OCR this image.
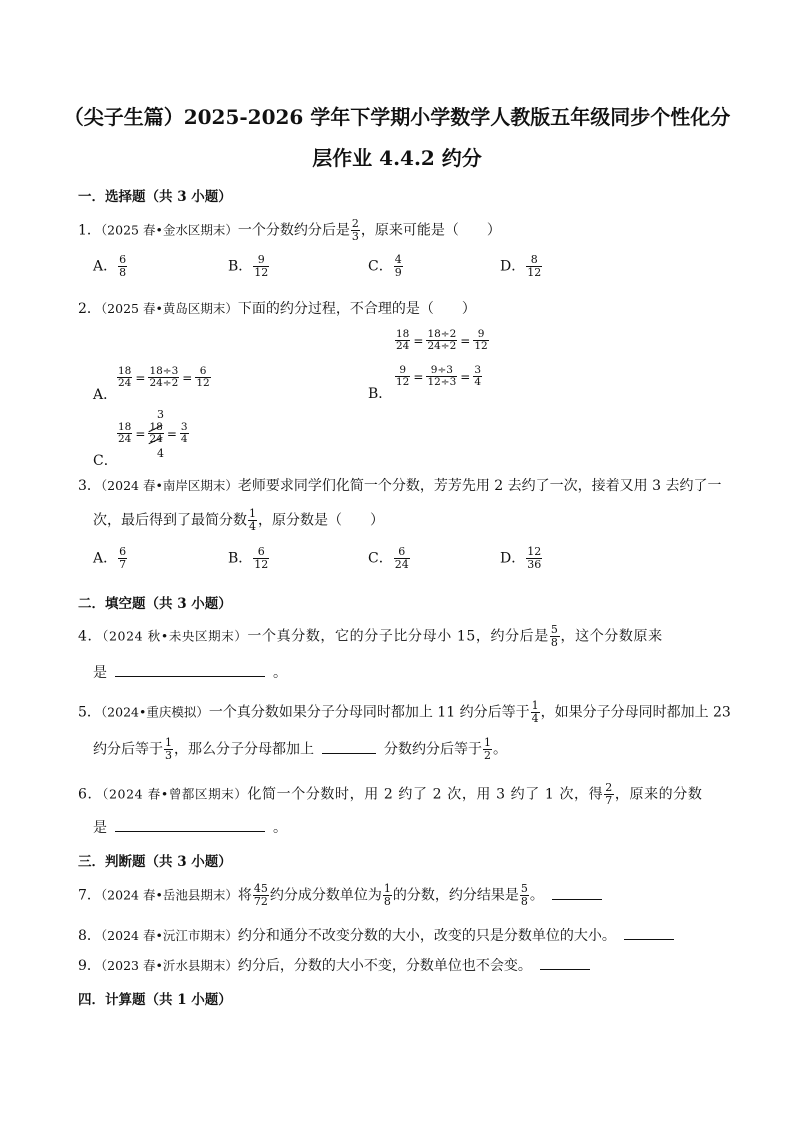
（尖子生篇）2025-2026 学年下学期小学数学人教版五年级同步个性化分
层作业 4.4.2 约分
一．选择题（共 3 小题）
1．（2025 春•金水区期末）一个分数约分后是 $\frac{2}{3}$ ，原来可能是（　　）
A． $\frac{6}{8}$	B． $\frac{9}{12}$	C． $\frac{4}{9}$	D． $\frac{8}{12}$
2．（2025 春•黄岛区期末）下面的约分过程，不合理的是（　　）
$\frac{18}{24} = \frac{18\div 2}{24\div 2} = \frac{9}{12}$
$\frac{9}{12} = \frac{9\div 3}{12\div 3} = \frac{3}{4}$
B．
A．
$\frac{18}{24} = \frac{18\div 3}{24\div 2} = \frac{6}{12}$
3
$\frac{18}{24} = \frac{18}{24} = \frac{3}{4}$
4
C．
3．（2024 春•南岸区期末）老师要求同学们化简一个分数，芳芳先用 2 去约了一次，接着又用 3 去约了一
次，最后得到了最简分数 $\frac{1}{4}$ ，原分数是（　　）
A． $\frac{6}{7}$	B． $\frac{6}{12}$	C． $\frac{6}{24}$	D． $\frac{12}{36}$
二．填空题（共 3 小题）
4．（2024 秋•未央区期末）一个真分数，它的分子比分母小 15，约分后是 $\frac{5}{8}$ ，这个分数原来
是	。
5．（2024•重庆模拟）一个真分数如果分子分母同时都加上 11 约分后等于 $\frac{1}{4}$ ，如果分子分母同时都加上 23
约分后等于 $\frac{1}{3}$ ，那么分子分母都加上	分数约分后等于 $\frac{1}{2}$ 。
6．（2024 春•曾都区期末）化简一个分数时，用 2 约了 2 次，用 3 约了 1 次，得 $\frac{2}{7}$ ，原来的分数
是	。
三．判断题（共 3 小题）
7．（2024 春•岳池县期末）将 $\frac{45}{72}$ 约分成分数单位为 $\frac{1}{8}$ 的分数，约分结果是 $\frac{5}{8}$ 。
8．（2024 春•沅江市期末）约分和通分不改变分数的大小，改变的只是分数单位的大小。
9．（2023 春•沂水县期末）约分后，分数的大小不变，分数单位也不会变。
四．计算题（共 1 小题）
